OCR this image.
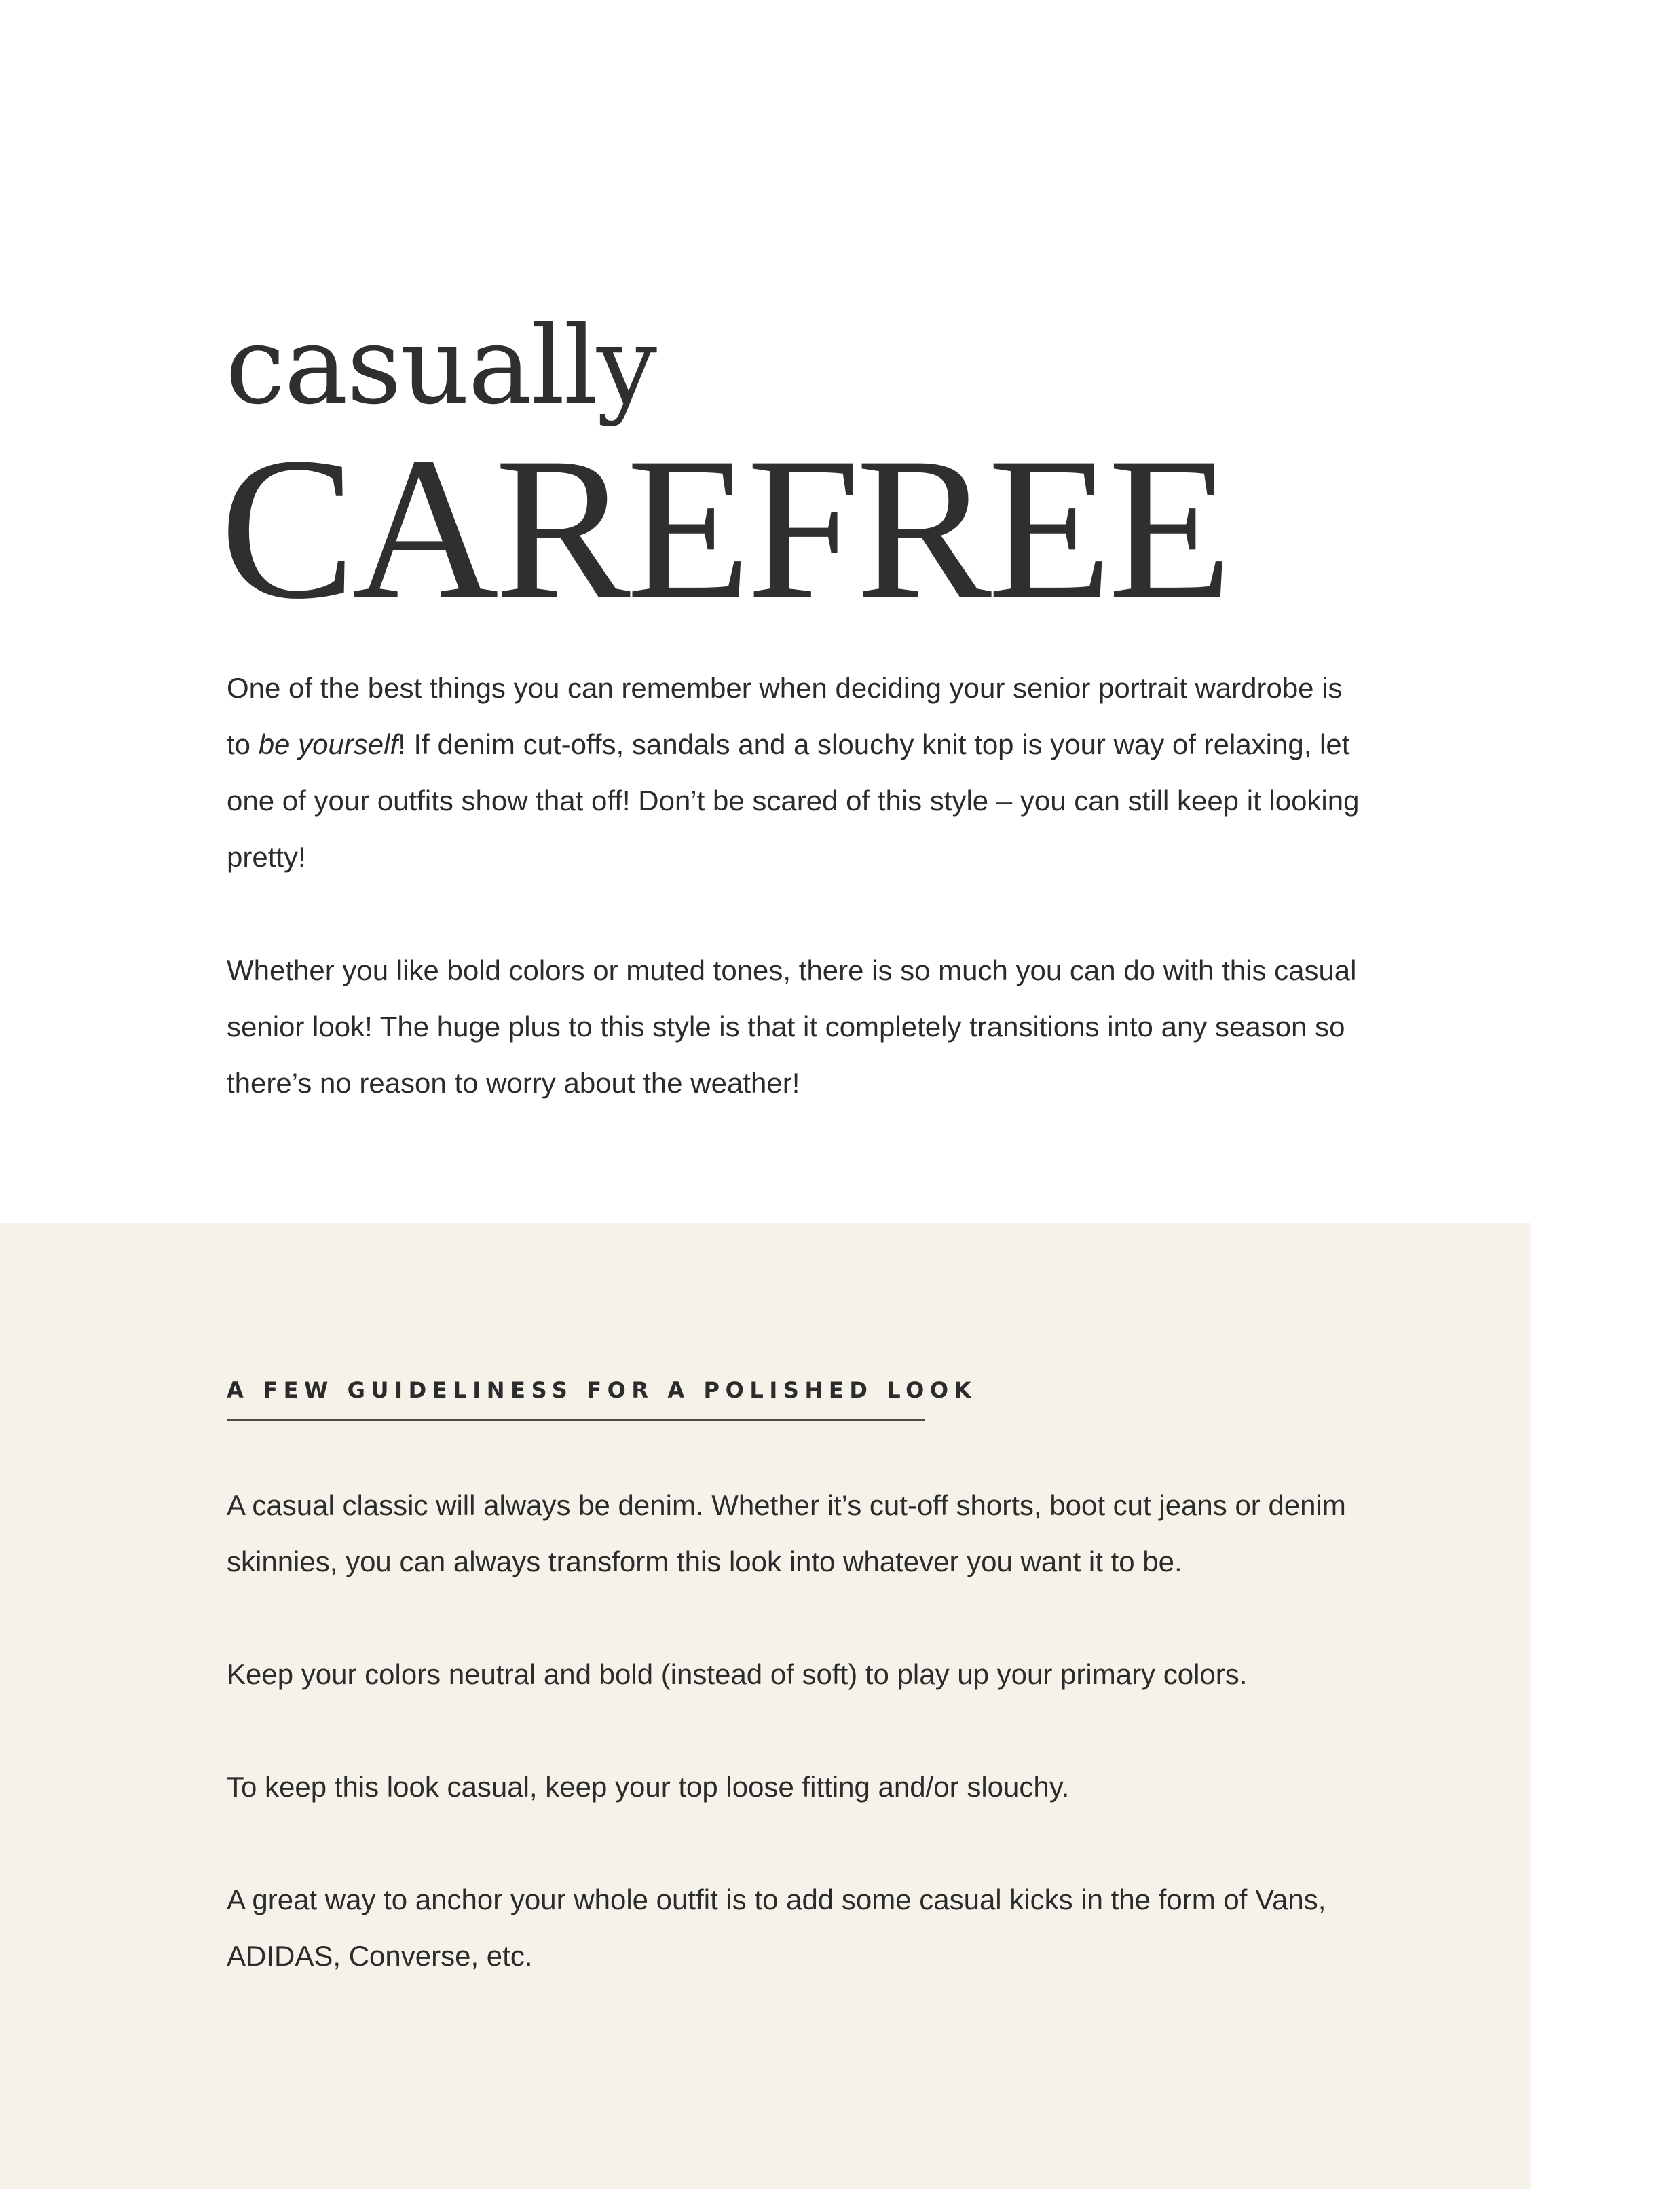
casually
CAREFREE

One of the best things you can remember when deciding your senior portrait wardrobe is to be yourself! If denim cut-offs, sandals and a slouchy knit top is your way of relaxing, let one of your outfits show that off! Don’t be scared of this style – you can still keep it looking pretty!

Whether you like bold colors or muted tones, there is so much you can do with this casual senior look! The huge plus to this style is that it completely transitions into any season so there’s no reason to worry about the weather!

A FEW GUIDELINESS FOR A POLISHED LOOK

A casual classic will always be denim. Whether it’s cut-off shorts, boot cut jeans or denim skinnies, you can always transform this look into whatever you want it to be.

Keep your colors neutral and bold (instead of soft) to play up your primary colors.

To keep this look casual, keep your top loose fitting and/or slouchy.

A great way to anchor your whole outfit is to add some casual kicks in the form of Vans, ADIDAS, Converse, etc.
